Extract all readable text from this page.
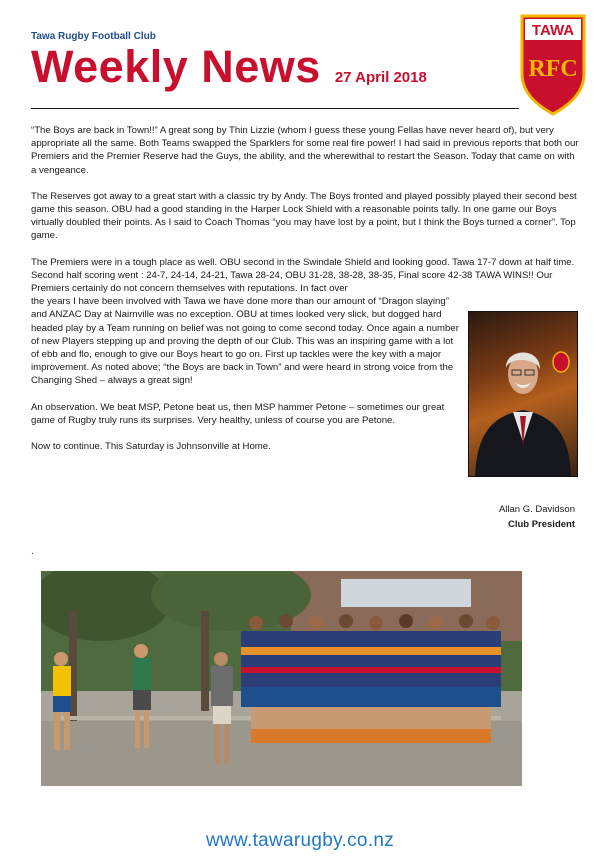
Tawa Rugby Football Club
Weekly News 27 April 2018
TAWA
RFC

“The Boys are back in Town!!” A great song by Thin Lizzie (whom I guess these young Fellas have never heard of), but very appropriate all the same. Both Teams swapped the Sparklers for some real fire power! I had said in previous reports that both our Premiers and the Premier Reserve had the Guys, the ability, and the wherewithal to restart the Season. Today that came on with a vengeance.

The Reserves got away to a great start with a classic try by Andy. The Boys fronted and played possibly played their second best game this season. OBU had a good standing in the Harper Lock Shield with a reasonable points tally. In one game our Boys virtually doubled their points. As I said to Coach Thomas “you may have lost by a point, but I think the Boys turned a corner”. Top game.

The Premiers were in a tough place as well. OBU second in the Swindale Shield and looking good. Tawa 17-7 down at half time. Second half scoring went : 24-7, 24-14, 24-21, Tawa 28-24, OBU 31-28, 38-28, 38-35, Final score 42-38 TAWA WINS!! Our Premiers certainly do not concern themselves with reputations. In fact over

the years I have been involved with Tawa we have done more than our amount of “Dragon slaying” and ANZAC Day at Nairnville was no exception. OBU at times looked very slick, but dogged hard headed play by a Team running on belief was not going to come second today. Once again a number of new Players stepping up and proving the depth of our Club. This was an inspiring game with a lot of ebb and flo, enough to give our Boys heart to go on. First up tackles were the key with a major improvement. As noted above; “the Boys are back in Town” and were heard in strong voice from the Changing Shed – always a great sign!

An observation. We beat MSP, Petone beat us, then MSP hammer Petone – sometimes our great game of Rugby truly runs its surprises. Very healthy, unless of course you are Petone.

Now to continue. This Saturday is Johnsonville at Home.

Allan G. Davidson
Club President
.
www.tawarugby.co.nz
